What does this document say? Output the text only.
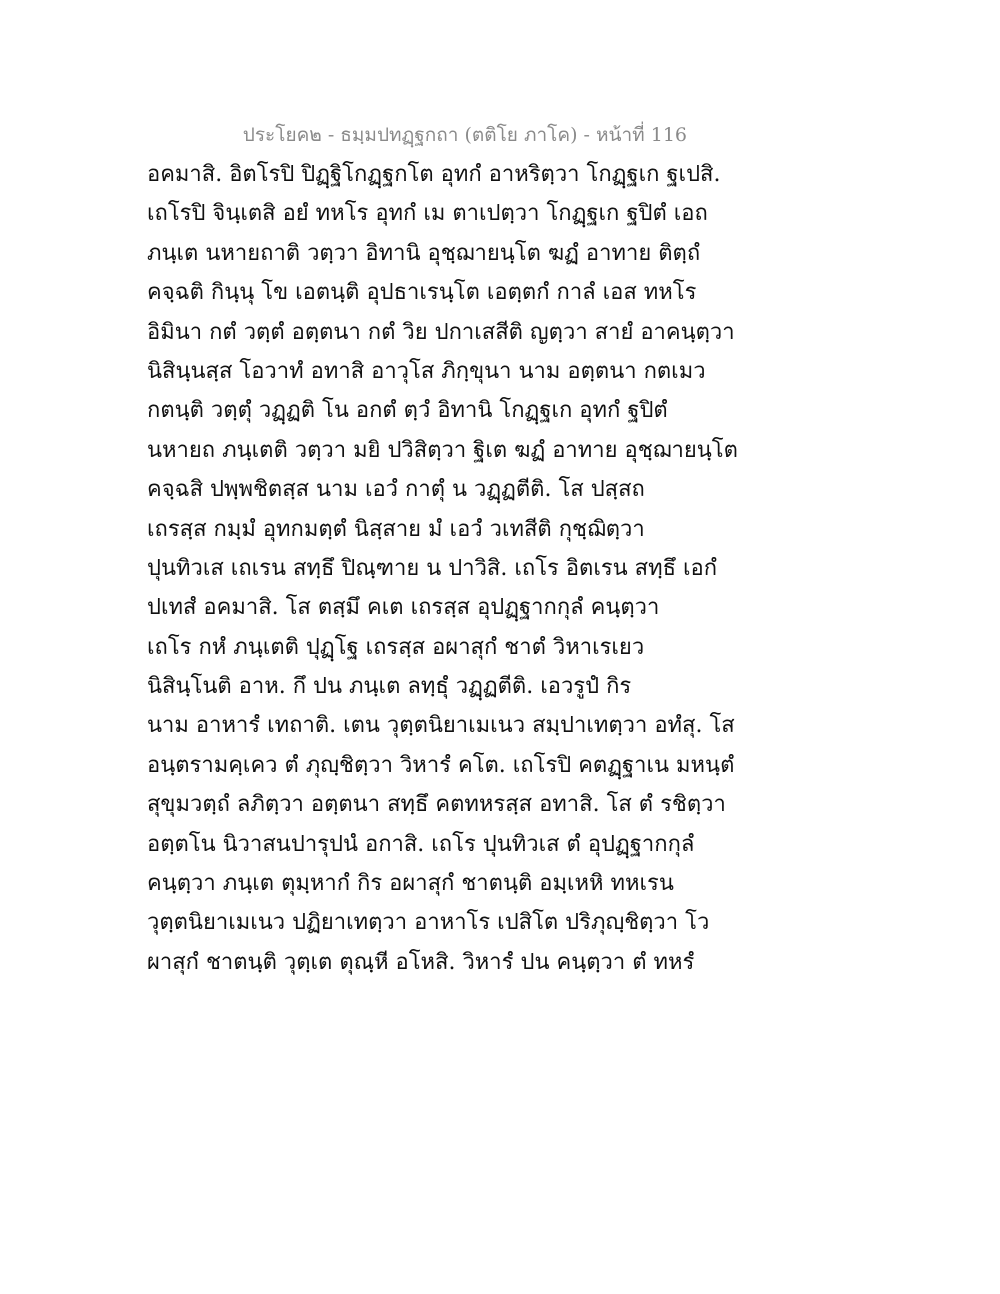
ประโยค๒ - ธมฺมปทฏฺฐกถา (ตติโย ภาโค) - หน้าที่ 116
อคมาสิ. อิตโรปิ ปิฏฺฐิโกฏฺฐกโต อุทกํ อาหริตฺวา โกฏฺฐเก ฐเปสิ.
เถโรปิ จินฺเตสิ อยํ ทหโร อุทกํ เม ตาเปตฺวา โกฏฺฐเก ฐปิตํ เอถ
ภนฺเต นหายถาติ วตฺวา อิทานิ อุชฺฌายนฺโต ฆฏํ อาทาย ติตฺถํ
คจฺฉติ กินฺนุ โข เอตนฺติ อุปธาเรนฺโต เอตฺตกํ กาลํ เอส ทหโร
อิมินา กตํ วตฺตํ อตฺตนา กตํ วิย ปกาเสสีติ ญตฺวา สายํ อาคนฺตฺวา
นิสินฺนสฺส โอวาทํ อทาสิ อาวุโส ภิกฺขุนา นาม อตฺตนา กตเมว
กตนฺติ วตฺตุํ วฏฺฏติ โน อกตํ ตฺวํ อิทานิ โกฏฺฐเก อุทกํ ฐปิตํ
นหายถ ภนฺเตติ วตฺวา มยิ ปวิสิตฺวา ฐิเต ฆฏํ อาทาย อุชฺฌายนฺโต
คจฺฉสิ ปพฺพชิตสฺส นาม เอวํ กาตุํ น วฏฺฏตีติ. โส ปสฺสถ
เถรสฺส กมฺมํ อุทกมตฺตํ นิสฺสาย มํ เอวํ วเทสีติ กุชฺฌิตฺวา
ปุนทิวเส เถเรน สทฺธึ ปิณฺฑาย น ปาวิสิ. เถโร อิตเรน สทฺธึ เอกํ
ปเทสํ อคมาสิ. โส ตสฺมึ คเต เถรสฺส อุปฏฺฐากกุลํ คนฺตฺวา
เถโร กหํ ภนฺเตติ ปุฏฺโฐ เถรสฺส อผาสุกํ ชาตํ วิหาเรเยว
นิสินฺโนติ อาห. กึ ปน ภนฺเต ลทฺธุํ วฏฺฏตีติ. เอวรูปํ กิร
นาม อาหารํ เทถาติ. เตน วุตฺตนิยาเมเนว สมฺปาเทตฺวา อทํสุ. โส
อนฺตรามคฺเคว ตํ ภุญฺชิตฺวา วิหารํ คโต. เถโรปิ คตฏฺฐาเน มหนฺตํ
สุขุมวตฺถํ ลภิตฺวา อตฺตนา สทฺธึ คตทหรสฺส อทาสิ. โส ตํ รชิตฺวา
อตฺตโน นิวาสนปารุปนํ อกาสิ. เถโร ปุนทิวเส ตํ อุปฏฺฐากกุลํ
คนฺตฺวา ภนฺเต ตุมฺหากํ กิร อผาสุกํ ชาตนฺติ อมฺเหหิ ทหเรน
วุตฺตนิยาเมเนว ปฏิยาเทตฺวา อาหาโร เปสิโต ปริภุญฺชิตฺวา โว
ผาสุกํ ชาตนฺติ วุตฺเต ตุณฺหี อโหสิ. วิหารํ ปน คนฺตฺวา ตํ ทหรํ
